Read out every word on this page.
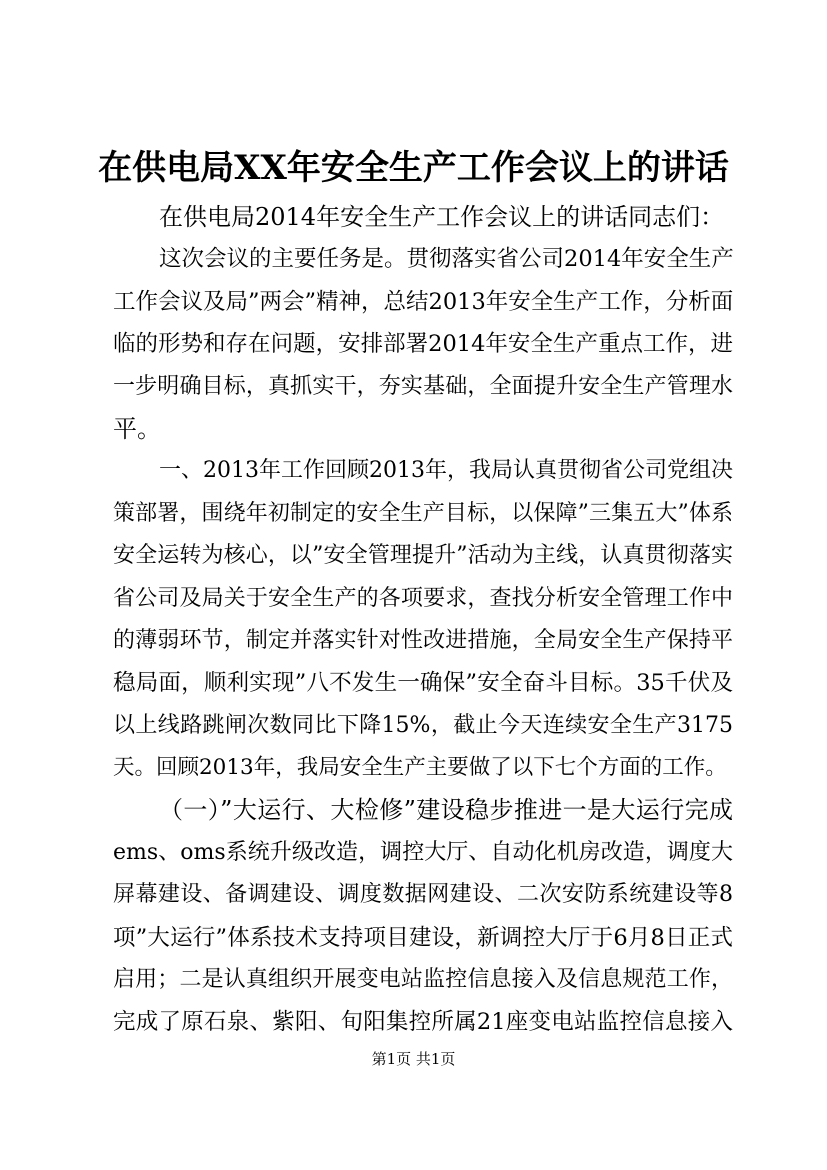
在供电局XX年安全生产工作会议上的讲话
在供电局2014年安全生产工作会议上的讲话同志们：
这次会议的主要任务是。贯彻落实省公司2014年安全生产
工作会议及局”两会”精神，总结2013年安全生产工作，分析面
临的形势和存在问题，安排部署2014年安全生产重点工作，进
一步明确目标，真抓实干，夯实基础，全面提升安全生产管理水
平。
一、2013年工作回顾2013年，我局认真贯彻省公司党组决
策部署，围绕年初制定的安全生产目标，以保障”三集五大”体系
安全运转为核心，以”安全管理提升”活动为主线，认真贯彻落实
省公司及局关于安全生产的各项要求，查找分析安全管理工作中
的薄弱环节，制定并落实针对性改进措施，全局安全生产保持平
稳局面，顺利实现”八不发生一确保”安全奋斗目标。35千伏及
以上线路跳闸次数同比下降15%，截止今天连续安全生产3175
天。回顾2013年，我局安全生产主要做了以下七个方面的工作。
（一）”大运行、大检修”建设稳步推进一是大运行完成
ems、oms系统升级改造，调控大厅、自动化机房改造，调度大
屏幕建设、备调建设、调度数据网建设、二次安防系统建设等8
项”大运行”体系技术支持项目建设，新调控大厅于6月8日正式
启用；二是认真组织开展变电站监控信息接入及信息规范工作，
完成了原石泉、紫阳、旬阳集控所属21座变电站监控信息接入
第1页 共1页
